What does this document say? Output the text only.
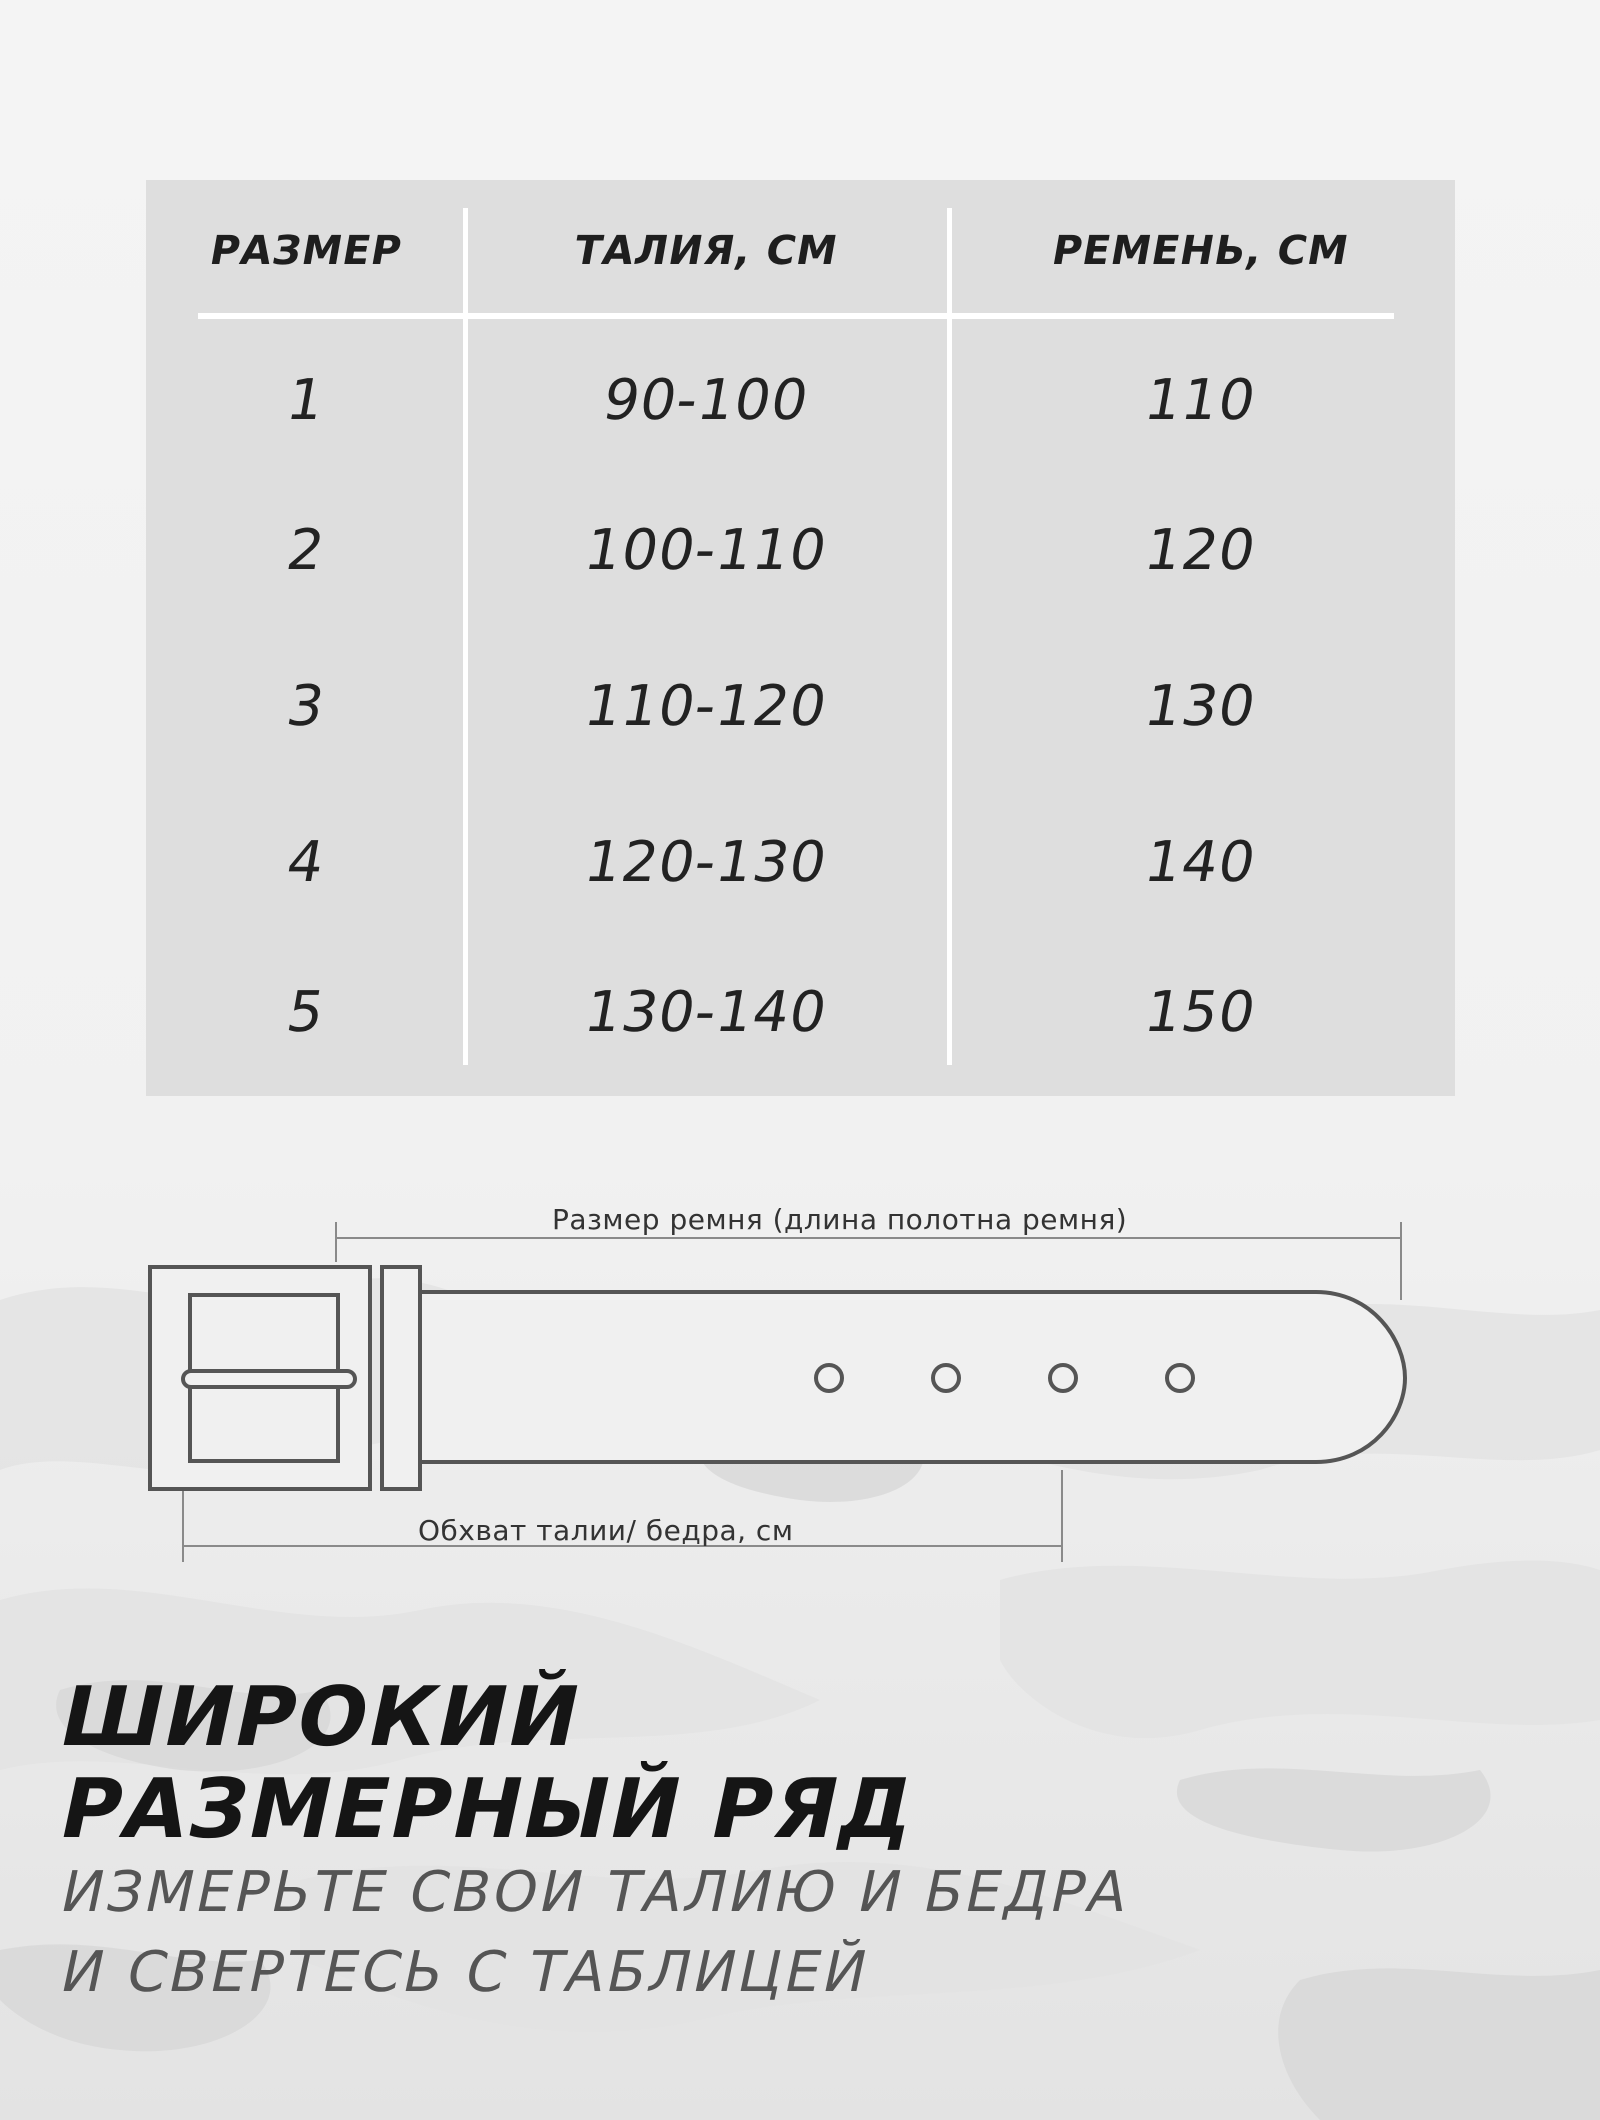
РАЗМЕР	ТАЛИЯ, СМ	РЕМЕНЬ, СМ
1	90-100	110
2	100-110	120
3	110-120	130
4	120-130	140
5	130-140	150
Размер ремня (длина полотна ремня)
Обхват талии/ бедра, см
ШИРОКИЙ
РАЗМЕРНЫЙ РЯД
ИЗМЕРЬТЕ СВОИ ТАЛИЮ И БЕДРА
И СВЕРТЕСЬ С ТАБЛИЦЕЙ
